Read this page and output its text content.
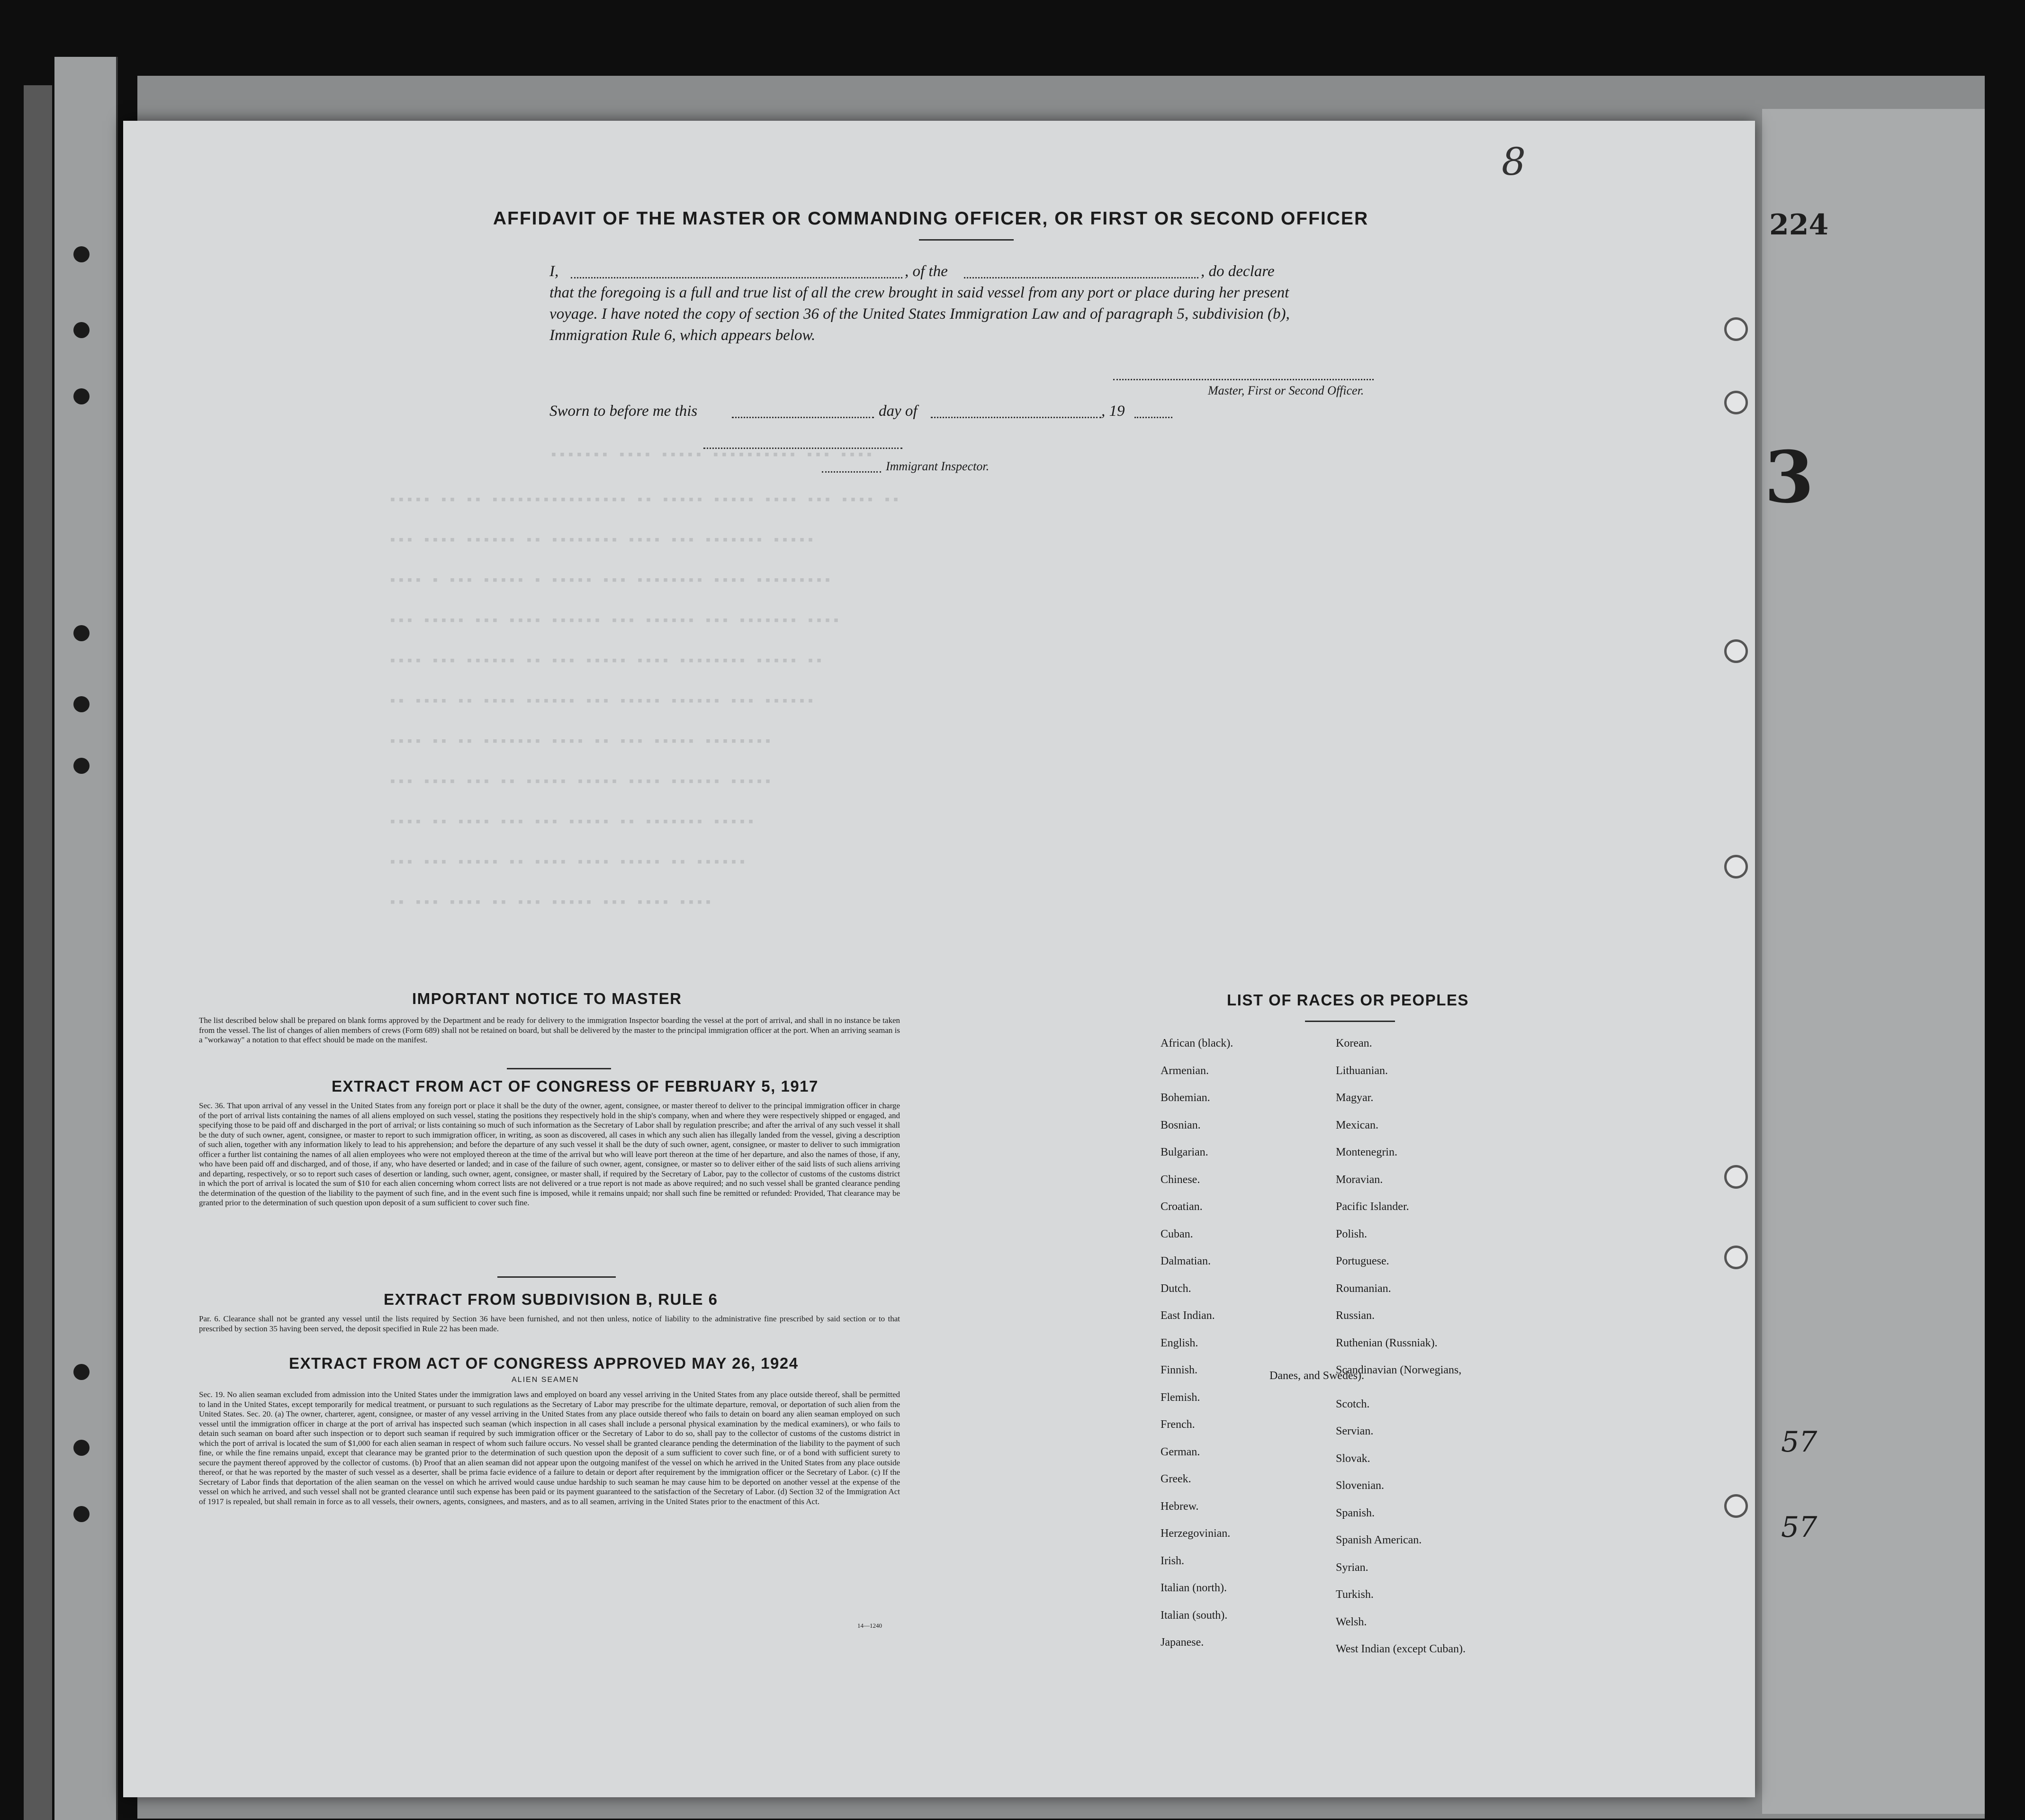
224
3
57
57
8
▪▪▪▪▪▪▪ ▪▪▪▪ ▪▪▪▪▪ ▪▪▪▪▪▪▪▪▪▪ ▪▪▪ ▪▪▪▪
▪▪▪▪▪ ▪▪ ▪▪ ▪▪▪▪▪▪▪▪▪▪▪▪▪▪▪▪ ▪▪ ▪▪▪▪▪ ▪▪▪▪▪ ▪▪▪▪ ▪▪▪ ▪▪▪▪ ▪▪
▪▪▪ ▪▪▪▪ ▪▪▪▪▪▪ ▪▪ ▪▪▪▪▪▪▪▪ ▪▪▪▪ ▪▪▪ ▪▪▪▪▪▪▪ ▪▪▪▪▪
▪▪▪▪ ▪ ▪▪▪ ▪▪▪▪▪ ▪ ▪▪▪▪▪ ▪▪▪ ▪▪▪▪▪▪▪▪ ▪▪▪▪ ▪▪▪▪▪▪▪▪▪
▪▪▪ ▪▪▪▪▪ ▪▪▪ ▪▪▪▪ ▪▪▪▪▪▪ ▪▪▪ ▪▪▪▪▪▪ ▪▪▪ ▪▪▪▪▪▪▪ ▪▪▪▪
▪▪▪▪ ▪▪▪ ▪▪▪▪▪▪ ▪▪ ▪▪▪ ▪▪▪▪▪ ▪▪▪▪ ▪▪▪▪▪▪▪▪ ▪▪▪▪▪ ▪▪
▪▪ ▪▪▪▪ ▪▪ ▪▪▪▪ ▪▪▪▪▪▪ ▪▪▪ ▪▪▪▪▪ ▪▪▪▪▪▪ ▪▪▪ ▪▪▪▪▪▪
▪▪▪▪ ▪▪ ▪▪ ▪▪▪▪▪▪▪ ▪▪▪▪ ▪▪ ▪▪▪ ▪▪▪▪▪ ▪▪▪▪▪▪▪▪
▪▪▪ ▪▪▪▪ ▪▪▪ ▪▪ ▪▪▪▪▪ ▪▪▪▪▪ ▪▪▪▪ ▪▪▪▪▪▪ ▪▪▪▪▪
▪▪▪▪ ▪▪ ▪▪▪▪ ▪▪▪ ▪▪▪ ▪▪▪▪▪ ▪▪ ▪▪▪▪▪▪▪ ▪▪▪▪▪
▪▪▪ ▪▪▪ ▪▪▪▪▪ ▪▪ ▪▪▪▪ ▪▪▪▪ ▪▪▪▪▪ ▪▪ ▪▪▪▪▪▪
▪▪ ▪▪▪ ▪▪▪▪ ▪▪ ▪▪▪ ▪▪▪▪▪ ▪▪▪ ▪▪▪▪ ▪▪▪▪
AFFIDAVIT OF THE MASTER OR COMMANDING OFFICER, OR FIRST OR SECOND OFFICER
I,	, of the	, do declare
that the foregoing is a full and true list of all the crew brought in said vessel from any port or place during her present
voyage. I have noted the copy of section 36 of the United States Immigration Law and of paragraph 5, subdivision (b),
Immigration Rule 6, which appears below.
Master, First or Second Officer.
Sworn to before me this	day of	, 19
Immigrant Inspector.
IMPORTANT NOTICE TO MASTER
The list described below shall be prepared on blank forms approved by the Department and be ready for delivery to the immigration Inspector boarding the vessel at the port of arrival, and shall in no instance be taken from the vessel. The list of changes of alien members of crews (Form 689) shall not be retained on board, but shall be delivered by the master to the principal immigration officer at the port. When an arriving seaman is a "workaway" a notation to that effect should be made on the manifest.
EXTRACT FROM ACT OF CONGRESS OF FEBRUARY 5, 1917
Sec. 36. That upon arrival of any vessel in the United States from any foreign port or place it shall be the duty of the owner, agent, consignee, or master thereof to deliver to the principal immigration officer in charge of the port of arrival lists containing the names of all aliens employed on such vessel, stating the positions they respectively hold in the ship's company, when and where they were respectively shipped or engaged, and specifying those to be paid off and discharged in the port of arrival; or lists containing so much of such information as the Secretary of Labor shall by regulation prescribe; and after the arrival of any such vessel it shall be the duty of such owner, agent, consignee, or master to report to such immigration officer, in writing, as soon as discovered, all cases in which any such alien has illegally landed from the vessel, giving a description of such alien, together with any information likely to lead to his apprehension; and before the departure of any such vessel it shall be the duty of such owner, agent, consignee, or master to deliver to such immigration officer a further list containing the names of all alien employees who were not employed thereon at the time of the arrival but who will leave port thereon at the time of her departure, and also the names of those, if any, who have been paid off and discharged, and of those, if any, who have deserted or landed; and in case of the failure of such owner, agent, consignee, or master so to deliver either of the said lists of such aliens arriving and departing, respectively, or so to report such cases of desertion or landing, such owner, agent, consignee, or master shall, if required by the Secretary of Labor, pay to the collector of customs of the customs district in which the port of arrival is located the sum of $10 for each alien concerning whom correct lists are not delivered or a true report is not made as above required; and no such vessel shall be granted clearance pending the determination of the question of the liability to the payment of such fine, and in the event such fine is imposed, while it remains unpaid; nor shall such fine be remitted or refunded: Provided, That clearance may be granted prior to the determination of such question upon deposit of a sum sufficient to cover such fine.
EXTRACT FROM SUBDIVISION B, RULE 6
Par. 6. Clearance shall not be granted any vessel until the lists required by Section 36 have been furnished, and not then unless, notice of liability to the administrative fine prescribed by said section or to that prescribed by section 35 having been served, the deposit specified in Rule 22 has been made.
EXTRACT FROM ACT OF CONGRESS APPROVED MAY 26, 1924
ALIEN SEAMEN
Sec. 19. No alien seaman excluded from admission into the United States under the immigration laws and employed on board any vessel arriving in the United States from any place outside thereof, shall be permitted to land in the United States, except temporarily for medical treatment, or pursuant to such regulations as the Secretary of Labor may prescribe for the ultimate departure, removal, or deportation of such alien from the United States. Sec. 20. (a) The owner, charterer, agent, consignee, or master of any vessel arriving in the United States from any place outside thereof who fails to detain on board any alien seaman employed on such vessel until the immigration officer in charge at the port of arrival has inspected such seaman (which inspection in all cases shall include a personal physical examination by the medical examiners), or who fails to detain such seaman on board after such inspection or to deport such seaman if required by such immigration officer or the Secretary of Labor to do so, shall pay to the collector of customs of the customs district in which the port of arrival is located the sum of $1,000 for each alien seaman in respect of whom such failure occurs. No vessel shall be granted clearance pending the determination of the liability to the payment of such fine, or while the fine remains unpaid, except that clearance may be granted prior to the determination of such question upon the deposit of a sum sufficient to cover such fine, or of a bond with sufficient surety to secure the payment thereof approved by the collector of customs. (b) Proof that an alien seaman did not appear upon the outgoing manifest of the vessel on which he arrived in the United States from any place outside thereof, or that he was reported by the master of such vessel as a deserter, shall be prima facie evidence of a failure to detain or deport after requirement by the immigration officer or the Secretary of Labor. (c) If the Secretary of Labor finds that deportation of the alien seaman on the vessel on which he arrived would cause undue hardship to such seaman he may cause him to be deported on another vessel at the expense of the vessel on which he arrived, and such vessel shall not be granted clearance until such expense has been paid or its payment guaranteed to the satisfaction of the Secretary of Labor. (d) Section 32 of the Immigration Act of 1917 is repealed, but shall remain in force as to all vessels, their owners, agents, consignees, and masters, and as to all seamen, arriving in the United States prior to the enactment of this Act.
14—1240
LIST OF RACES OR PEOPLES
Danes, and Swedes).
African (black).
Armenian.
Bohemian.
Bosnian.
Bulgarian.
Chinese.
Croatian.
Cuban.
Dalmatian.
Dutch.
East Indian.
English.
Finnish.
Flemish.
French.
German.
Greek.
Hebrew.
Herzegovinian.
Irish.
Italian (north).
Italian (south).
Japanese.
Korean.
Lithuanian.
Magyar.
Mexican.
Montenegrin.
Moravian.
Pacific Islander.
Polish.
Portuguese.
Roumanian.
Russian.
Ruthenian (Russniak).
Scandinavian (Norwegians,
Scotch.
Servian.
Slovak.
Slovenian.
Spanish.
Spanish American.
Syrian.
Turkish.
Welsh.
West Indian (except Cuban).
